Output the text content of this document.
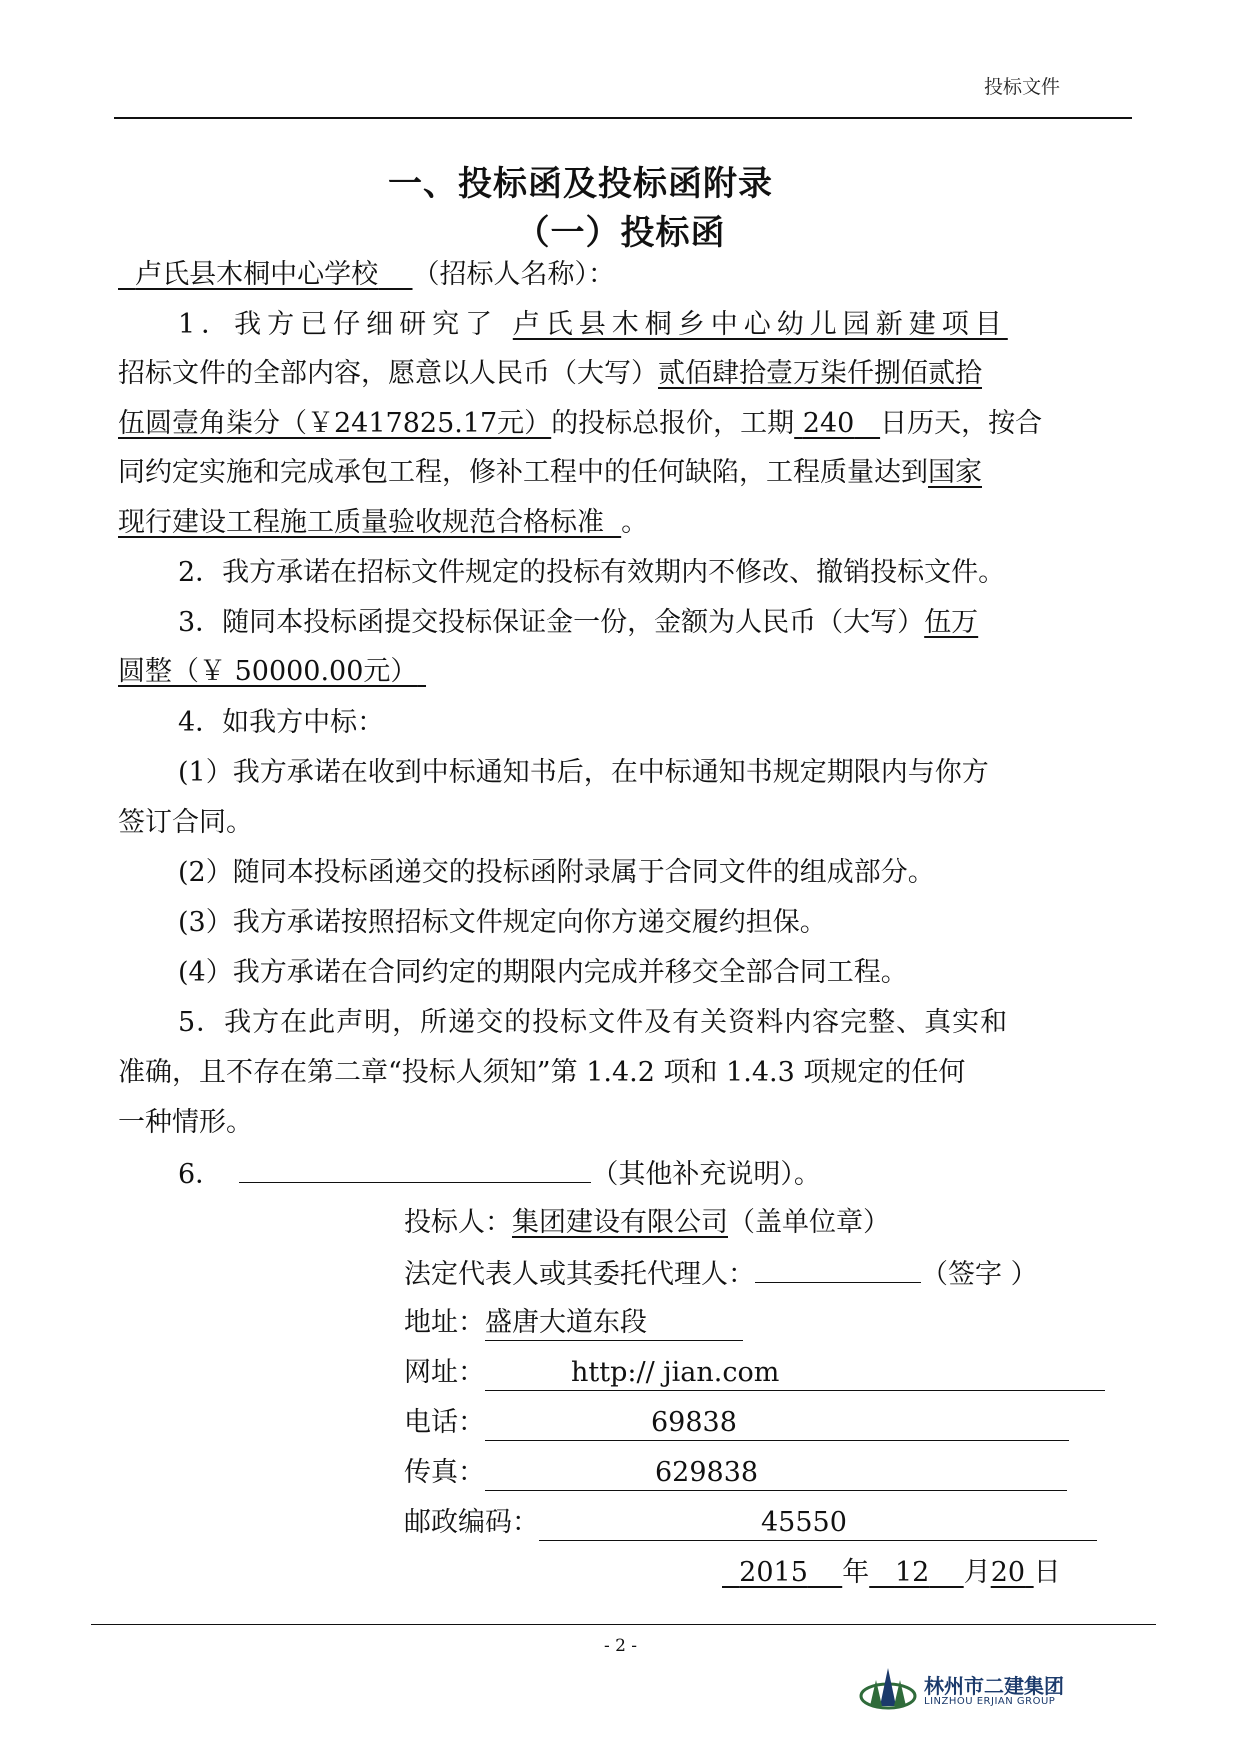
投标文件
一、投标函及投标函附录
（一）投标函
卢氏县木桐中心学校 （招标人名称）：
1．我方已仔细研究了 卢氏县木桐乡中心幼儿园新建项目
招标文件的全部内容，愿意以人民币（大写）贰佰肆拾壹万柒仟捌佰贰拾
伍圆壹角柒分（￥2417825.17元）的投标总报价，工期 240 日历天，按合
同约定实施和完成承包工程，修补工程中的任何缺陷，工程质量达到国家
现行建设工程施工质量验收规范合格标准 。
2．我方承诺在招标文件规定的投标有效期内不修改、撤销投标文件。
3．随同本投标函提交投标保证金一份，金额为人民币（大写）伍万
圆整（￥ 50000.00元）
4．如我方中标：
(1）我方承诺在收到中标通知书后，在中标通知书规定期限内与你方
签订合同。
(2）随同本投标函递交的投标函附录属于合同文件的组成部分。
(3）我方承诺按照招标文件规定向你方递交履约担保。
(4）我方承诺在合同约定的期限内完成并移交全部合同工程。
5．我方在此声明，所递交的投标文件及有关资料内容完整、真实和
准确，且不存在第二章“投标人须知”第 1.4.2 项和 1.4.3 项规定的任何
一种情形。
6．	（其他补充说明）。
投标人：集团建设有限公司（盖单位章）
法定代表人或其委托代理人：	（签字 ）
地址：盛唐大道东段
网址：	http:// jian.com
电话：	69838
传真：	629838
邮政编码：	45550
2015 年 12 月20 日
- 2 -
林州市二建集团
LINZHOU ERJIAN GROUP
